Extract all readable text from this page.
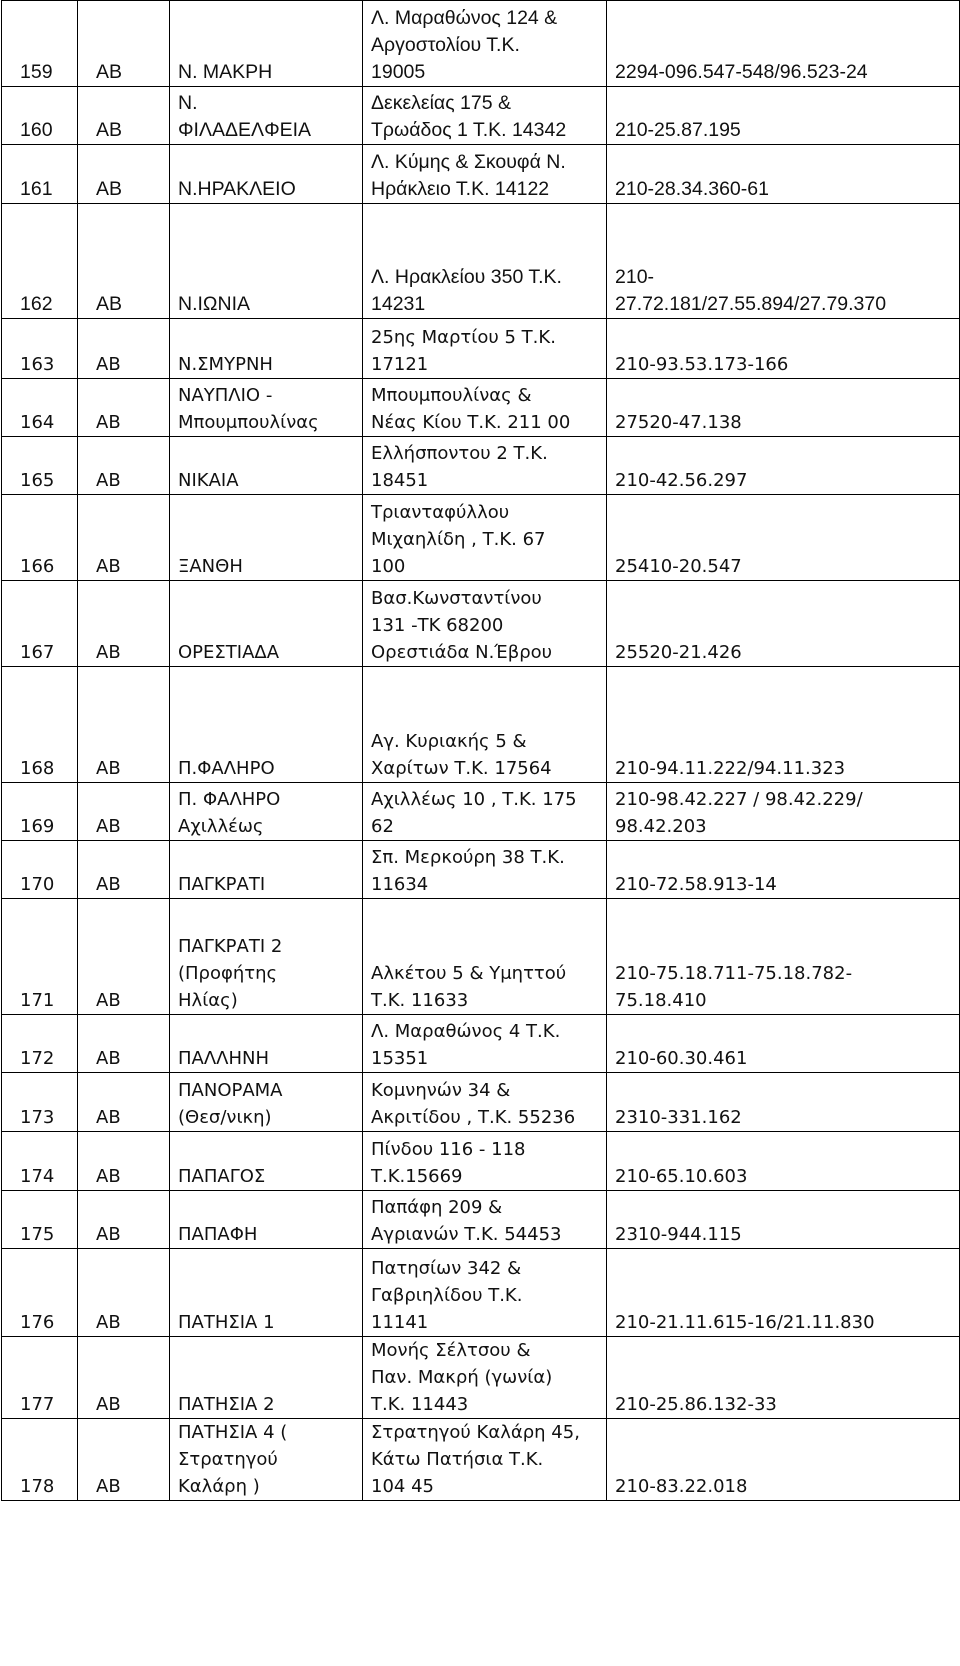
159	ΑΒ	Ν. ΜΑΚΡΗ	Λ. Μαραθώνος 124 &
Αργοστολίου Τ.Κ.
19005	2294-096.547-548/96.523-24
160	ΑΒ	Ν.
ΦΙΛΑΔΕΛΦΕΙΑ	Δεκελείας 175 &
Τρωάδος 1 Τ.Κ. 14342	210-25.87.195
161	ΑΒ	Ν.ΗΡΑΚΛΕΙΟ	Λ. Κύμης & Σκουφά Ν.
Ηράκλειο Τ.Κ. 14122	210-28.34.360-61
162	ΑΒ	Ν.ΙΩΝΙΑ	Λ. Ηρακλείου 350 Τ.Κ.
14231	210-
27.72.181/27.55.894/27.79.370
163	ΑΒ	Ν.ΣΜΥΡΝΗ	25ης Μαρτίου 5 Τ.Κ.
17121	210-93.53.173-166
164	ΑΒ	ΝΑΥΠΛΙΟ -
Μπουμπουλίνας	Μπουμπουλίνας &
Νέας Κίου Τ.Κ. 211 00	27520-47.138
165	ΑΒ	ΝΙΚΑΙΑ	Ελλήσποντου 2 Τ.Κ.
18451	210-42.56.297
166	ΑΒ	ΞΑΝΘΗ	Τριανταφύλλου
Μιχαηλίδη , Τ.Κ. 67
100	25410-20.547
167	ΑΒ	ΟΡΕΣΤΙΑΔΑ	Βασ.Κωνσταντίνου
131 -ΤΚ 68200
Ορεστιάδα Ν.Έβρου	25520-21.426
168	ΑΒ	Π.ΦΑΛΗΡΟ	Αγ. Κυριακής 5 &
Χαρίτων Τ.Κ. 17564	210-94.11.222/94.11.323
169	ΑΒ	Π. ΦΑΛΗΡΟ
Αχιλλέως	Αχιλλέως 10 , Τ.Κ. 175
62	210-98.42.227 / 98.42.229/
98.42.203
170	ΑΒ	ΠΑΓΚΡΑΤΙ	Σπ. Μερκούρη 38 Τ.Κ.
11634	210-72.58.913-14
171	ΑΒ	ΠΑΓΚΡΑΤΙ 2
(Προφήτης
Ηλίας)	Αλκέτου 5 & Υμηττού
Τ.Κ. 11633	210-75.18.711-75.18.782-
75.18.410
172	ΑΒ	ΠΑΛΛΗΝΗ	Λ. Μαραθώνος 4 Τ.Κ.
15351	210-60.30.461
173	ΑΒ	ΠΑΝΟΡΑΜΑ
(Θεσ/νικη)	Κομνηνών 34 &
Ακριτίδου , Τ.Κ. 55236	2310-331.162
174	ΑΒ	ΠΑΠΑΓΟΣ	Πίνδου 116 - 118
Τ.Κ.15669	210-65.10.603
175	ΑΒ	ΠΑΠΑΦΗ	Παπάφη 209 &
Αγριανών Τ.Κ. 54453	2310-944.115
176	ΑΒ	ΠΑΤΗΣΙΑ 1	Πατησίων 342 &
Γαβριηλίδου Τ.Κ.
11141	210-21.11.615-16/21.11.830
177	ΑΒ	ΠΑΤΗΣΙΑ 2	Μονής Σέλτσου &
Παν. Μακρή (γωνία)
Τ.Κ. 11443	210-25.86.132-33
178	ΑΒ	ΠΑΤΗΣΙΑ 4 (
Στρατηγού
Καλάρη )	Στρατηγού Καλάρη 45,
Κάτω Πατήσια Τ.Κ.
104 45	210-83.22.018
